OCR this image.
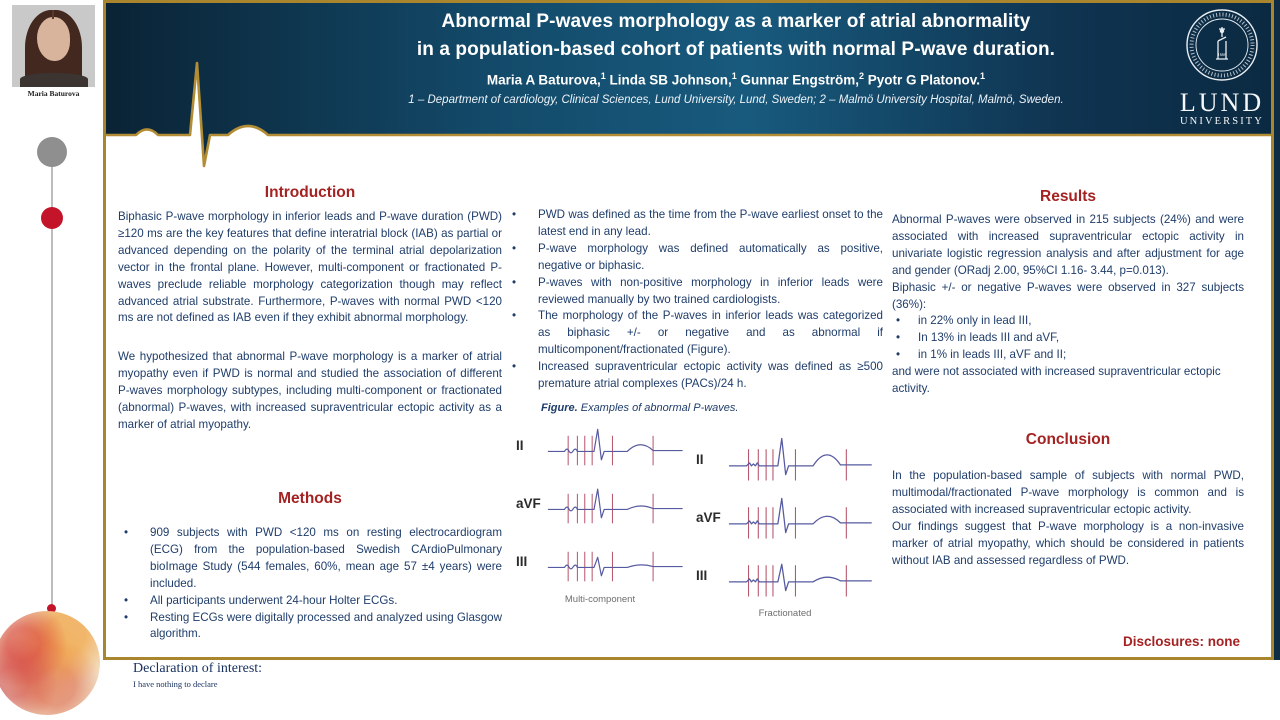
Maria Baturova
Abnormal P-waves morphology as a marker of atrial abnormality
in a population-based cohort of patients with normal P-wave duration.
Maria A Baturova,$^1$ Linda SB Johnson,$^1$ Gunnar Engström,$^2$ Pyotr G Platonov.$^1$
1 – Department of cardiology, Clinical Sciences, Lund University, Lund, Sweden; 2 – Malmö University Hospital, Malmö, Sweden.
1666
LUND
UNIVERSITY
Introduction
Biphasic P-wave morphology in inferior leads and P-wave duration (PWD) ≥120 ms are the key features that define interatrial block (IAB) as partial or advanced depending on the polarity of the terminal atrial depolarization vector in the frontal plane. However, multi-component or fractionated P-waves preclude reliable morphology categorization though may reflect advanced atrial substrate. Furthermore, P-waves with normal PWD <120 ms are not defined as IAB even if they exhibit abnormal morphology.
We hypothesized that abnormal P-wave morphology is a marker of atrial myopathy even if PWD is normal and studied the association of different P-waves morphology subtypes, including multi-component or fractionated (abnormal) P-waves, with increased supraventricular ectopic activity as a marker of atrial myopathy.
Methods
•	909 subjects with PWD <120 ms on resting electrocardiogram (ECG) from the population-based Swedish CArdioPulmonary bioImage Study (544 females, 60%, mean age 57 ±4 years) were included.
•	All participants underwent 24-hour Holter ECGs.
•	Resting ECGs were digitally processed and analyzed using Glasgow algorithm.
•	PWD was defined as the time from the P-wave earliest onset to the latest end in any lead.
•	P-wave morphology was defined automatically as positive, negative or biphasic.
•	P-waves with non-positive morphology in inferior leads were reviewed manually by two trained cardiologists.
•	The morphology of the P-waves in inferior leads was categorized as biphasic +/- or negative and as abnormal if multicomponent/fractionated (Figure).
•	Increased supraventricular ectopic activity was defined as ≥500 premature atrial complexes (PACs)/24 h.
Figure. Examples of abnormal P-waves.
II
aVF
III
Multi-component
II
aVF
III
Fractionated
Results
Abnormal P-waves were observed in 215 subjects (24%) and were associated with increased supraventricular ectopic activity in univariate logistic regression analysis and after adjustment for age and gender (ORadj 2.00, 95%CI 1.16- 3.44, p=0.013).
Biphasic +/- or negative P-waves were observed in 327 subjects (36%):
•	in 22% only in lead III,
•	In 13% in leads III and aVF,
•	in 1% in leads III, aVF and II;
and were not associated with increased supraventricular ectopic activity.
Conclusion
In the population-based sample of subjects with normal PWD, multimodal/fractionated P-wave morphology is common and is associated with increased supraventricular ectopic activity.
Our findings suggest that P-wave morphology is a non-invasive marker of atrial myopathy, which should be considered in patients without IAB and assessed regardless of PWD.
Disclosures: none
Declaration of interest:
I have nothing to declare
